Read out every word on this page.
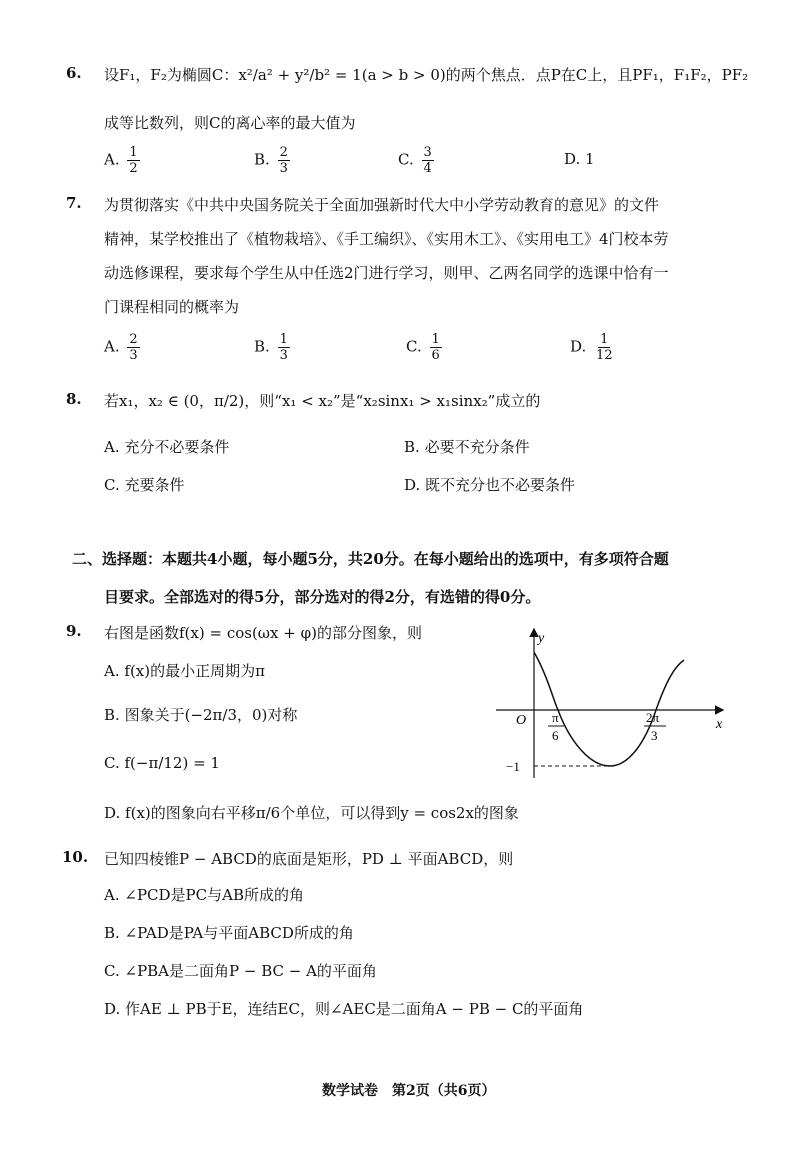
6. 设F₁，F₂为椭圆C：x²/a² + y²/b² = 1(a > b > 0)的两个焦点．点P在C上，且PF₁，F₁F₂，PF₂
成等比数列，则C的离心率的最大值为
A. $\frac{1}{2}$	B. $\frac{2}{3}$	C. $\frac{3}{4}$	D. 1
7. 为贯彻落实《中共中央国务院关于全面加强新时代大中小学劳动教育的意见》的文件
精神，某学校推出了《植物栽培》、《手工编织》、《实用木工》、《实用电工》4门校本劳
动选修课程，要求每个学生从中任选2门进行学习，则甲、乙两名同学的选课中恰有一
门课程相同的概率为
A. $\frac{2}{3}$	B. $\frac{1}{3}$	C. $\frac{1}{6}$	D. $\frac{1}{12}$
8. 若x₁，x₂ ∈ (0，π/2)，则“x₁ < x₂”是“x₂sinx₁ > x₁sinx₂”成立的
A. 充分不必要条件	B. 必要不充分条件
C. 充要条件	D. 既不充分也不必要条件
二、选择题：本题共4小题，每小题5分，共20分。在每小题给出的选项中，有多项符合题
目要求。全部选对的得5分，部分选对的得2分，有选错的得0分。
9. 右图是函数f(x) = cos(ωx + φ)的部分图象，则
A. f(x)的最小正周期为π
B. 图象关于(−2π/3，0)对称
C. f(−π/12) = 1
D. f(x)的图象向右平移π/6个单位，可以得到y = cos2x的图象
y
x
O π
6
2π
3
−1
10. 已知四棱锥P − ABCD的底面是矩形，PD ⊥ 平面ABCD，则
A. ∠PCD是PC与AB所成的角
B. ∠PAD是PA与平面ABCD所成的角
C. ∠PBA是二面角P − BC − A的平面角
D. 作AE ⊥ PB于E，连结EC，则∠AEC是二面角A − PB − C的平面角
数学试卷　第2页（共6页）
